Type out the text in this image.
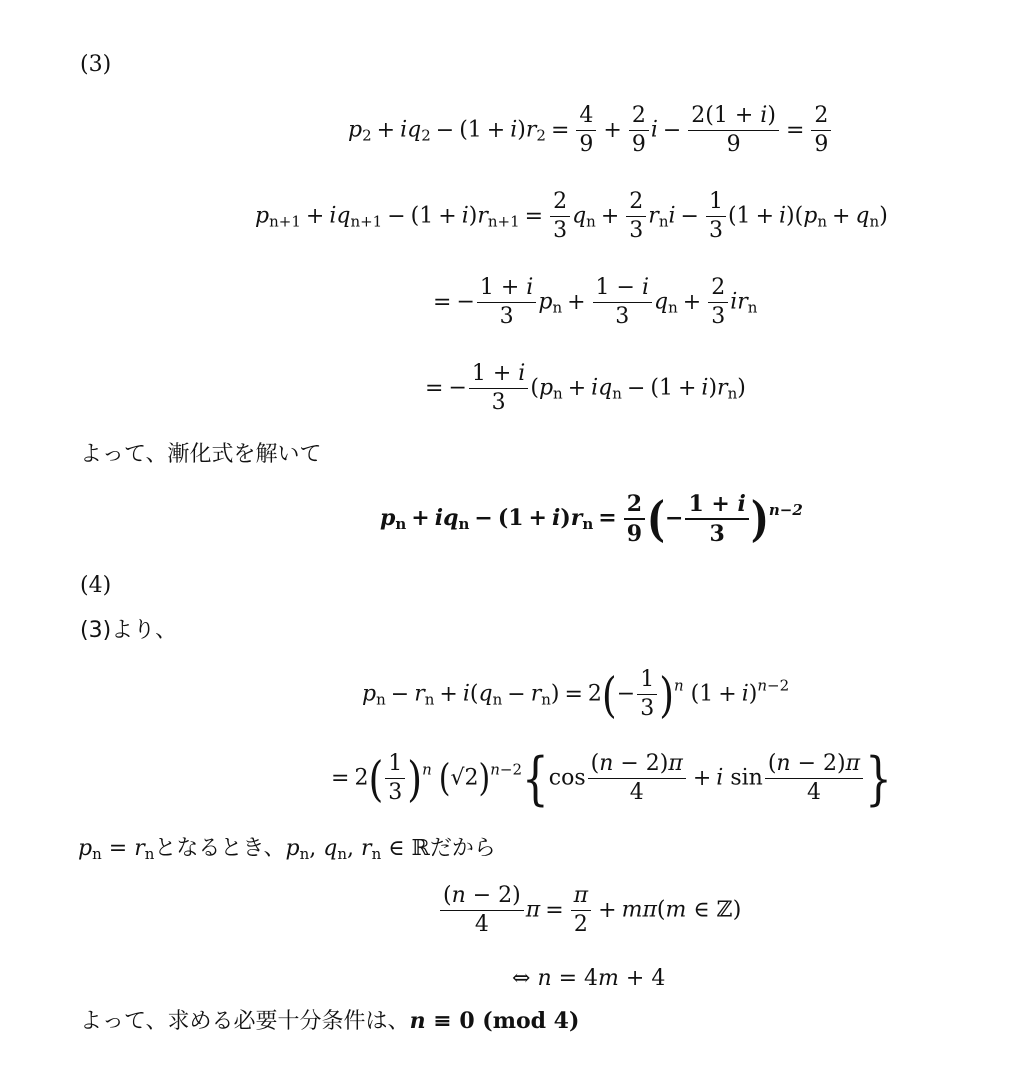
(3)
$p_2 + iq_2 - (1 + i)r_2 = \frac{4}{9} + \frac{2}{9}$ $i - \frac{2(1 + i)}{9} = \frac{2}{9}$
$p_{n+1} + iq_{n+1} - (1 + i)r_{n+1} = \frac{2}{3} q_n + \frac{2}{3} r_ni - \frac{1}{3} (1 + i)(p_n + q_n)$
= − $\frac{1 + i}{3} p_n + \frac{1 - i}{3} q_n + \frac{2}{3} ir_n$
= − $\frac{1 + i}{3} (p_n + iq_n - (1 + i)r_n)$
よって、漸化式を解いて
$p_n + iq_n - (1 + i)r_n = \frac{2}{9}$ (− $\frac{1 + i}{3} )^{n-2}$
(4)
(3)より、
$p_n - r_n + i(q_n - r_n) = 2(- \frac{1}{3} )^n$ $(1 + i)^{n-2}$
= $2( \frac{1}{3} )^n$ $(√2)^{n-2}\{\cos \frac{(n - 2)\pi}{4} + i$ $\sin \frac{(n - 2)\pi}{4}$ }
$p_n = r_n$となるとき、$p_n$, $q_n$, $r_n$ ∈ ℝだから
$\frac{(n - 2)}{4}$ $\pi = \frac{\pi}{2} + m\pi(m$ ∈ ℤ)
⇔ n = 4m + 4
よって、求める必要十分条件は、n ≡ 0 (mod 4)
